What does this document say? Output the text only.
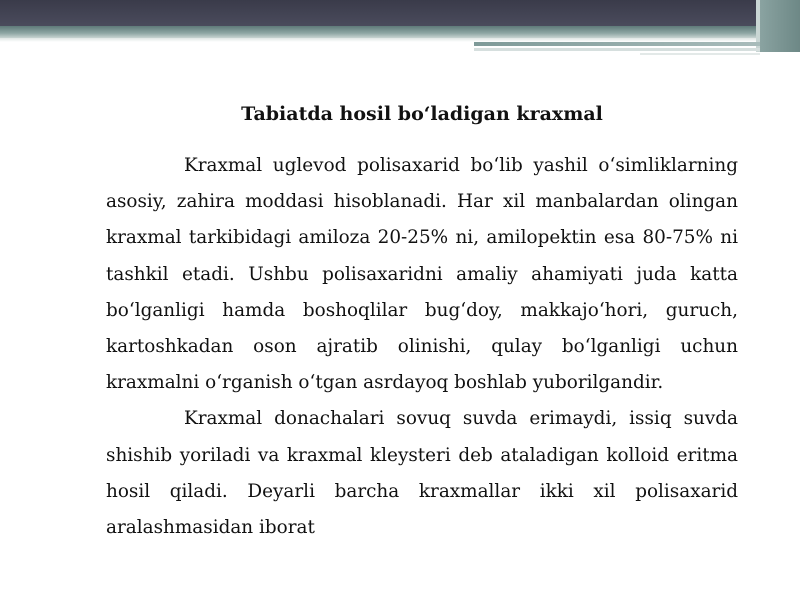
Tabiatda hosil bo‘ladigan kraxmal

Kraxmal uglevod polisaxarid bo‘lib yashil o‘simliklarning asosiy, zahira moddasi hisoblanadi. Har xil manbalardan olingan kraxmal tarkibidagi amiloza 20-25% ni, amilopektin esa 80-75% ni tashkil etadi. Ushbu polisaxaridni amaliy ahamiyati juda katta bo‘lganligi hamda boshoqlilar bug‘doy, makkajo‘hori, guruch, kartoshkadan oson ajratib olinishi, qulay bo‘lganligi uchun kraxmalni o‘rganish o‘tgan asrdayoq boshlab yuborilgandir.

Kraxmal donachalari sovuq suvda erimaydi, issiq suvda shishib yoriladi va kraxmal kleysteri deb ataladigan kolloid eritma hosil qiladi. Deyarli barcha kraxmallar ikki xil polisaxarid aralashmasidan iborat
